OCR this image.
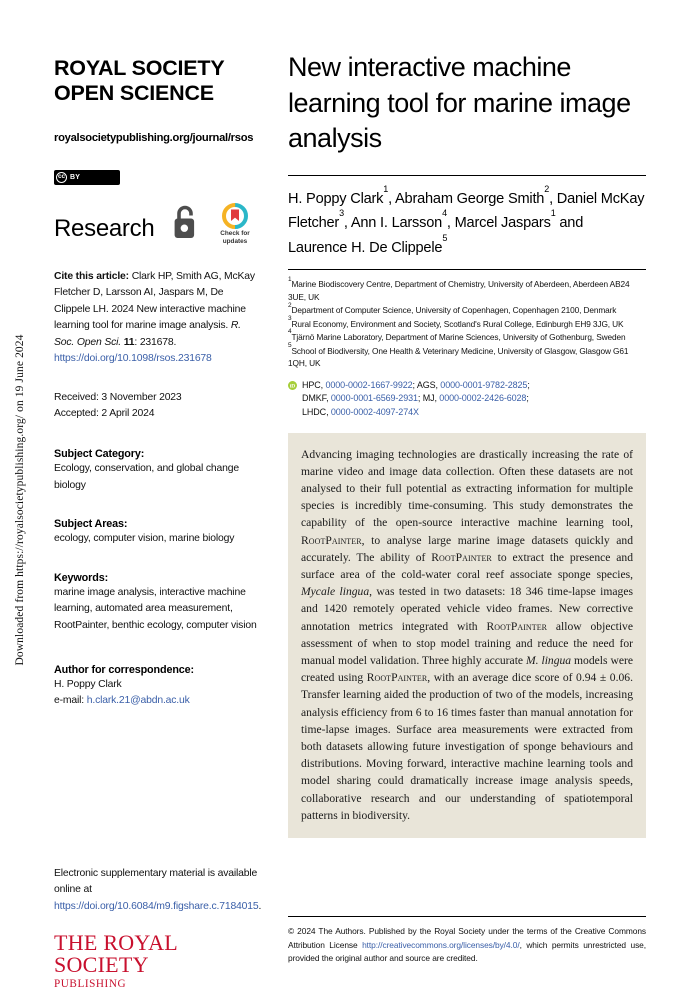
Downloaded from https://royalsocietypublishing.org/ on 19 June 2024
ROYAL SOCIETY
OPEN SCIENCE
royalsocietypublishing.org/journal/rsos
cc BY
Research	Check for
updates
Cite this article: Clark HP, Smith AG, McKay Fletcher D, Larsson AI, Jaspars M, De Clippele LH. 2024 New interactive machine learning tool for marine image analysis. R. Soc. Open Sci. 11: 231678.
https://doi.org/10.1098/rsos.231678
Received: 3 November 2023
Accepted: 2 April 2024
Subject Category:
Ecology, conservation, and global change biology
Subject Areas:
ecology, computer vision, marine biology
Keywords:
marine image analysis, interactive machine learning, automated area measurement, RootPainter, benthic ecology, computer vision
Author for correspondence:
H. Poppy Clark
e-mail: h.clark.21@abdn.ac.uk
Electronic supplementary material is available online at https://doi.org/10.6084/m9.figshare.c.7184015.
THE ROYAL SOCIETY
PUBLISHING
New interactive machine learning tool for marine image analysis
H. Poppy Clark$^1$, Abraham George Smith$^2$, Daniel McKay Fletcher$^3$, Ann I. Larsson$^4$, Marcel Jaspars$^1$ and Laurence H. De Clippele$^5$
$^1$Marine Biodiscovery Centre, Department of Chemistry, University of Aberdeen, Aberdeen AB24 3UE, UK
$^2$Department of Computer Science, University of Copenhagen, Copenhagen 2100, Denmark
$^3$Rural Economy, Environment and Society, Scotland's Rural College, Edinburgh EH9 3JG, UK
$^4$Tjärnö Marine Laboratory, Department of Marine Sciences, University of Gothenburg, Sweden
$^5$School of Biodiversity, One Health & Veterinary Medicine, University of Glasgow, Glasgow G61 1QH, UK
iD HPC, 0000-0002-1667-9922; AGS, 0000-0001-9782-2825;
DMKF, 0000-0001-6569-2931; MJ, 0000-0002-2426-6028;
LHDC, 0000-0002-4097-274X
Advancing imaging technologies are drastically increasing the rate of marine video and image data collection. Often these datasets are not analysed to their full potential as extracting information for multiple species is incredibly time-consuming. This study demonstrates the capability of the open-source interactive machine learning tool, RootPainter, to analyse large marine image datasets quickly and accurately. The ability of RootPainter to extract the presence and surface area of the cold-water coral reef associate sponge species, Mycale lingua, was tested in two datasets: 18 346 time-lapse images and 1420 remotely operated vehicle video frames. New corrective annotation metrics integrated with RootPainter allow objective assessment of when to stop model training and reduce the need for manual model validation. Three highly accurate M. lingua models were created using RootPainter, with an average dice score of 0.94 ± 0.06. Transfer learning aided the production of two of the models, increasing analysis efficiency from 6 to 16 times faster than manual annotation for time-lapse images. Surface area measurements were extracted from both datasets allowing future investigation of sponge behaviours and distributions. Moving forward, interactive machine learning tools and model sharing could dramatically increase image analysis speeds, collaborative research and our understanding of spatiotemporal patterns in biodiversity.
© 2024 The Authors. Published by the Royal Society under the terms of the Creative Commons Attribution License http://creativecommons.org/licenses/by/4.0/, which permits unrestricted use, provided the original author and source are credited.
